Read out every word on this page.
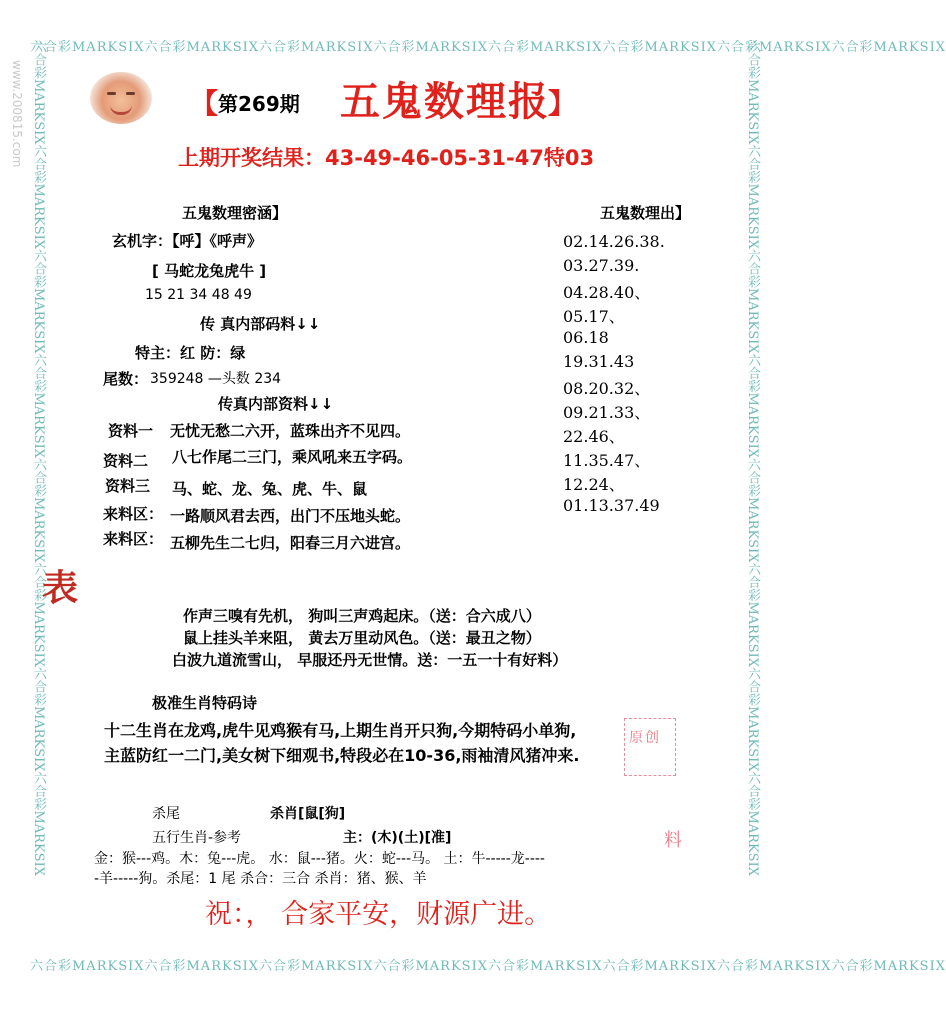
六合彩MARKSIX六合彩MARKSIX六合彩MARKSIX六合彩MARKSIX六合彩MARKSIX六合彩MARKSIX六合彩MARKSIX六合彩MARKSIX
六合彩MARKSIX六合彩MARKSIX六合彩MARKSIX六合彩MARKSIX六合彩MARKSIX六合彩MARKSIX六合彩MARKSIX六合彩MARKSIX
六合彩MARKSIX六合彩MARKSIX六合彩MARKSIX六合彩MARKSIX六合彩MARKSIX六合彩MARKSIX六合彩MARKSIX六合彩MARKSIX	六合彩MARKSIX六合彩MARKSIX六合彩MARKSIX六合彩MARKSIX六合彩MARKSIX六合彩MARKSIX六合彩MARKSIX六合彩MARKSIX
www.200815.com	【 第269期 五鬼数理报
】
上期开奖结果：43-49-46-05-31-47特03
五鬼数理密涵】
玄机字：【呼】《呼声》
[ 马蛇龙兔虎牛 ]
15 21 34 48 49
传 真内部码料↓↓
特主：红 防：绿
尾数： 359248 —头数 234
传真内部资料↓↓
资料一 无忧无愁二六开，蓝珠出齐不见四。
资料二 八七作尾二三门，乘风吼来五字码。
资料三 马、蛇、龙、兔、虎、牛、鼠
来料区： 一路顺风君去西，出门不压地头蛇。
来料区： 五柳先生二七归，阳春三月六进宫。
五鬼数理出】
02.14.26.38.
03.27.39.
04.28.40、
05.17、
06.18
19.31.43
08.20.32、
09.21.33、
22.46、
11.35.47、
12.24、
01.13.37.49
表
作声三嗅有先机， 狗叫三声鸡起床。（送：合六成八）
鼠上挂头羊来阻， 黄去万里动风色。（送：最丑之物）
白波九道流雪山， 早服还丹无世情。送：一五一十有好料）
极准生肖特码诗
十二生肖在龙鸡,虎牛见鸡猴有马,上期生肖开只狗,今期特码小单狗,
主蓝防红一二门,美女树下细观书,特段必在10-36,雨袖清风猪冲来.
原创
杀尾	杀肖[鼠[狗]
五行生肖-参考	主：(木)(土)[准]	料
金：猴---鸡。木：兔---虎。 水：鼠---猪。火：蛇---马。 土：牛-----龙----
-羊-----狗。杀尾：1 尾 杀合：三合 杀肖：猪、猴、羊
祝：， 合家平安，财源广进。
